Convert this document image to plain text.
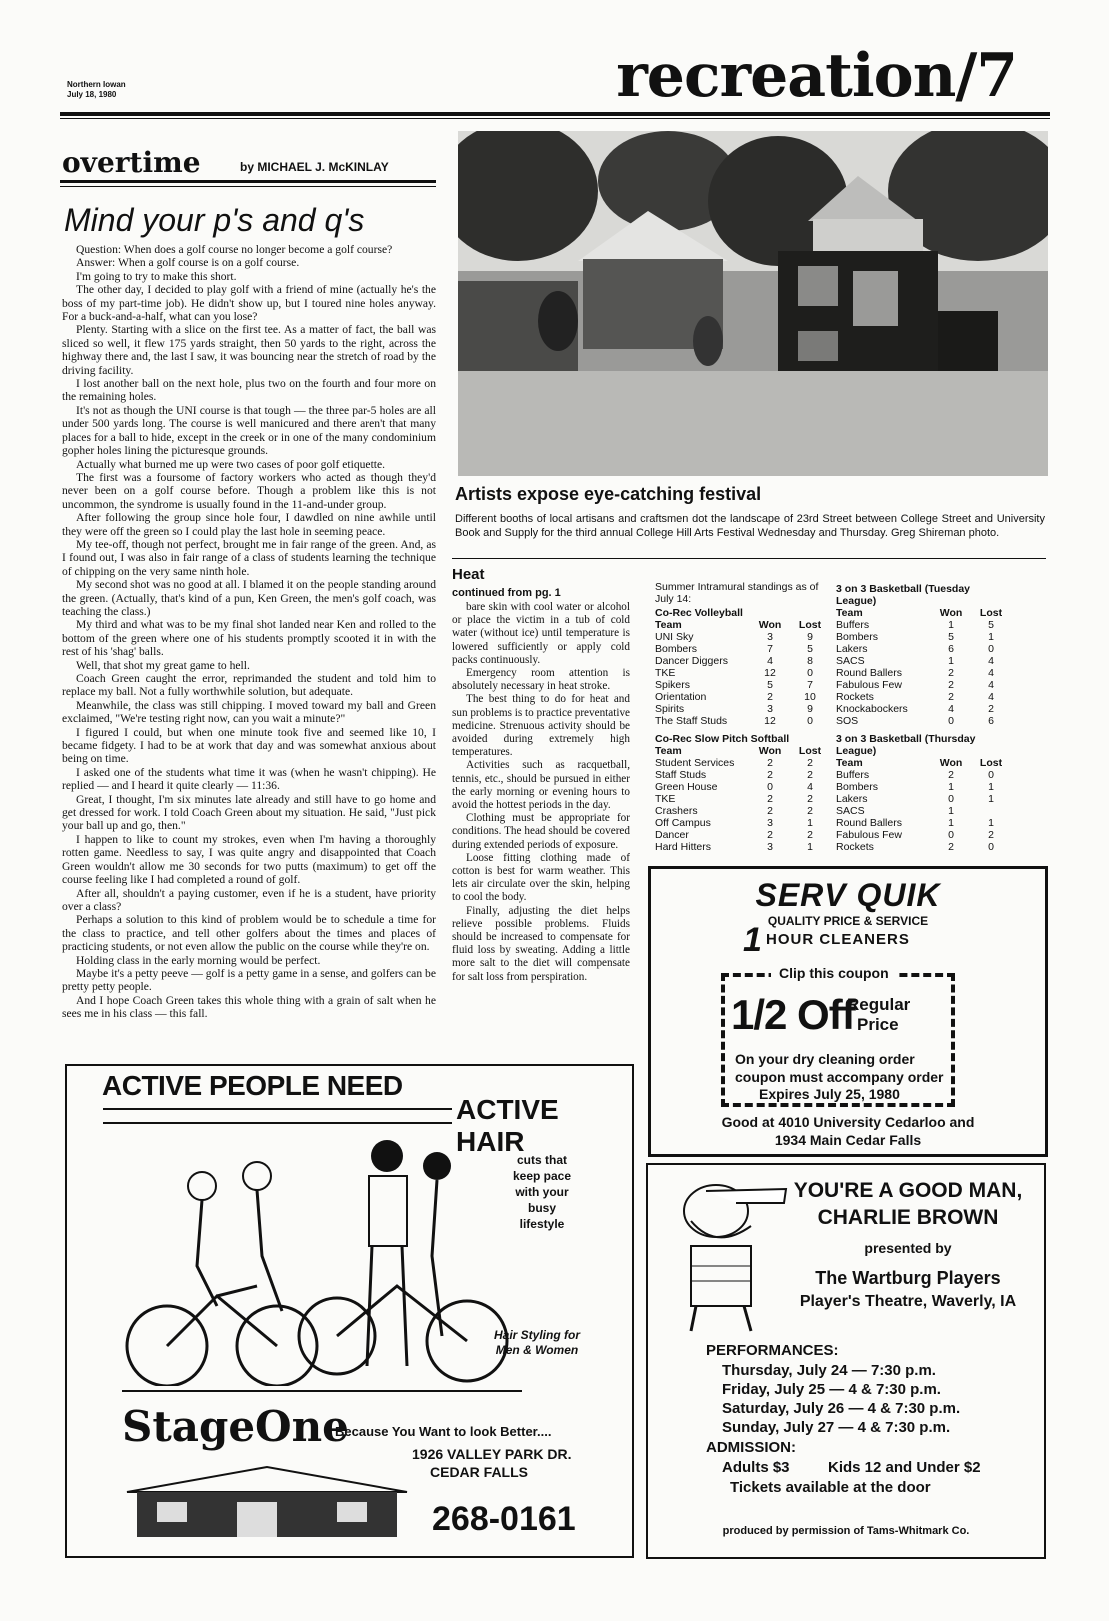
Northern Iowan
July 18, 1980	recreation/7
overtime	by MICHAEL J. McKINLAY
Mind your p's and q's

Question: When does a golf course no longer become a golf course?

Answer: When a golf course is on a golf course.

I'm going to try to make this short.

The other day, I decided to play golf with a friend of mine (actually he's the boss of my part-time job). He didn't show up, but I toured nine holes anyway. For a buck-and-a-half, what can you lose?

Plenty. Starting with a slice on the first tee. As a matter of fact, the ball was sliced so well, it flew 175 yards straight, then 50 yards to the right, across the highway there and, the last I saw, it was bouncing near the stretch of road by the driving facility.

I lost another ball on the next hole, plus two on the fourth and four more on the remaining holes.

It's not as though the UNI course is that tough — the three par-5 holes are all under 500 yards long. The course is well manicured and there aren't that many places for a ball to hide, except in the creek or in one of the many condominium gopher holes lining the picturesque grounds.

Actually what burned me up were two cases of poor golf etiquette.

The first was a foursome of factory workers who acted as though they'd never been on a golf course before. Though a problem like this is not uncommon, the syndrome is usually found in the 11-and-under group.

After following the group since hole four, I dawdled on nine awhile until they were off the green so I could play the last hole in seeming peace.

My tee-off, though not perfect, brought me in fair range of the green. And, as I found out, I was also in fair range of a class of students learning the technique of chipping on the very same ninth hole.

My second shot was no good at all. I blamed it on the people standing around the green. (Actually, that's kind of a pun, Ken Green, the men's golf coach, was teaching the class.)

My third and what was to be my final shot landed near Ken and rolled to the bottom of the green where one of his students promptly scooted it in with the rest of his 'shag' balls.

Well, that shot my great game to hell.

Coach Green caught the error, reprimanded the student and told him to replace my ball. Not a fully worthwhile solution, but adequate.

Meanwhile, the class was still chipping. I moved toward my ball and Green exclaimed, "We're testing right now, can you wait a minute?"

I figured I could, but when one minute took five and seemed like 10, I became fidgety. I had to be at work that day and was somewhat anxious about being on time.

I asked one of the students what time it was (when he wasn't chipping). He replied — and I heard it quite clearly — 11:36.

Great, I thought, I'm six minutes late already and still have to go home and get dressed for work. I told Coach Green about my situation. He said, "Just pick your ball up and go, then."

I happen to like to count my strokes, even when I'm having a thoroughly rotten game. Needless to say, I was quite angry and disappointed that Coach Green wouldn't allow me 30 seconds for two putts (maximum) to get off the course feeling like I had completed a round of golf.

After all, shouldn't a paying customer, even if he is a student, have priority over a class?

Perhaps a solution to this kind of problem would be to schedule a time for the class to practice, and tell other golfers about the times and places of practicing students, or not even allow the public on the course while they're on.

Holding class in the early morning would be perfect.

Maybe it's a petty peeve — golf is a petty game in a sense, and golfers can be pretty petty people.

And I hope Coach Green takes this whole thing with a grain of salt when he sees me in his class — this fall.

Artists expose eye-catching festival
Different booths of local artisans and craftsmen dot the landscape of 23rd Street between College Street and University Book and Supply for the third annual College Hill Arts Festival Wednesday and Thursday. Greg Shireman photo.
Heat
continued from pg. 1

bare skin with cool water or alcohol or place the victim in a tub of cold water (without ice) until temperature is lowered sufficiently or apply cold packs continuously.

Emergency room attention is absolutely necessary in heat stroke.

The best thing to do for heat and sun problems is to practice preventative medicine. Strenuous activity should be avoided during extremely high temperatures.

Activities such as racquetball, tennis, etc., should be pursued in either the early morning or evening hours to avoid the hottest periods in the day.

Clothing must be appropriate for conditions. The head should be covered during extended periods of exposure.

Loose fitting clothing made of cotton is best for warm weather. This lets air circulate over the skin, helping to cool the body.

Finally, adjusting the diet helps relieve possible problems. Fluids should be increased to compensate for fluid loss by sweating. Adding a little more salt to the diet will compensate for salt loss from perspiration.

Summer Intramural standings as of July 14:
Co-Rec Volleyball
Team	Won	Lost
UNI Sky	3	9
Bombers	7	5
Dancer Diggers	4	8
TKE	12	0
Spikers	5	7
Orientation	2	10
Spirits	3	9
The Staff Studs	12	0
Co-Rec Slow Pitch Softball
Team	Won	Lost
Student Services	2	2
Staff Studs	2	2
Green House	0	4
TKE	2	2
Crashers	2	2
Off Campus	3	1
Dancer	2	2
Hard Hitters	3	1
3 on 3 Basketball (Tuesday League)
Team	Won	Lost
Buffers	1	5
Bombers	5	1
Lakers	6	0
SACS	1	4
Round Ballers	2	4
Fabulous Few	2	4
Rockets	2	4
Knockabockers	4	2
SOS	0	6
3 on 3 Basketball (Thursday League)
Team	Won	Lost
Buffers	2	0
Bombers	1	1
Lakers	0	1
SACS	1	
Round Ballers	1	1
Fabulous Few	0	2
Rockets	2	0
SERV QUIK
QUALITY PRICE & SERVICE
1 HOUR CLEANERS
Clip this coupon
1/2 Off
Regular
Price
On your dry cleaning order
coupon must accompany order
Expires July 25, 1980
Good at 4010 University Cedarloo and
1934 Main Cedar Falls
ACTIVE PEOPLE NEED
ACTIVE HAIR
cuts that keep pace with your busy lifestyle
Hair Styling for Men & Women
StageOne
Because You Want to look Better....
1926 VALLEY PARK DR.
CEDAR FALLS
268-0161
YOU'RE A GOOD MAN,
CHARLIE BROWN
presented by
The Wartburg Players
Player's Theatre, Waverly, IA
PERFORMANCES:
Thursday, July 24 — 7:30 p.m.
Friday, July 25 — 4 & 7:30 p.m.
Saturday, July 26 — 4 & 7:30 p.m.
Sunday, July 27 — 4 & 7:30 p.m.
ADMISSION:
Adults $3	Kids 12 and Under $2
Tickets available at the door
produced by permission of Tams-Whitmark Co.
